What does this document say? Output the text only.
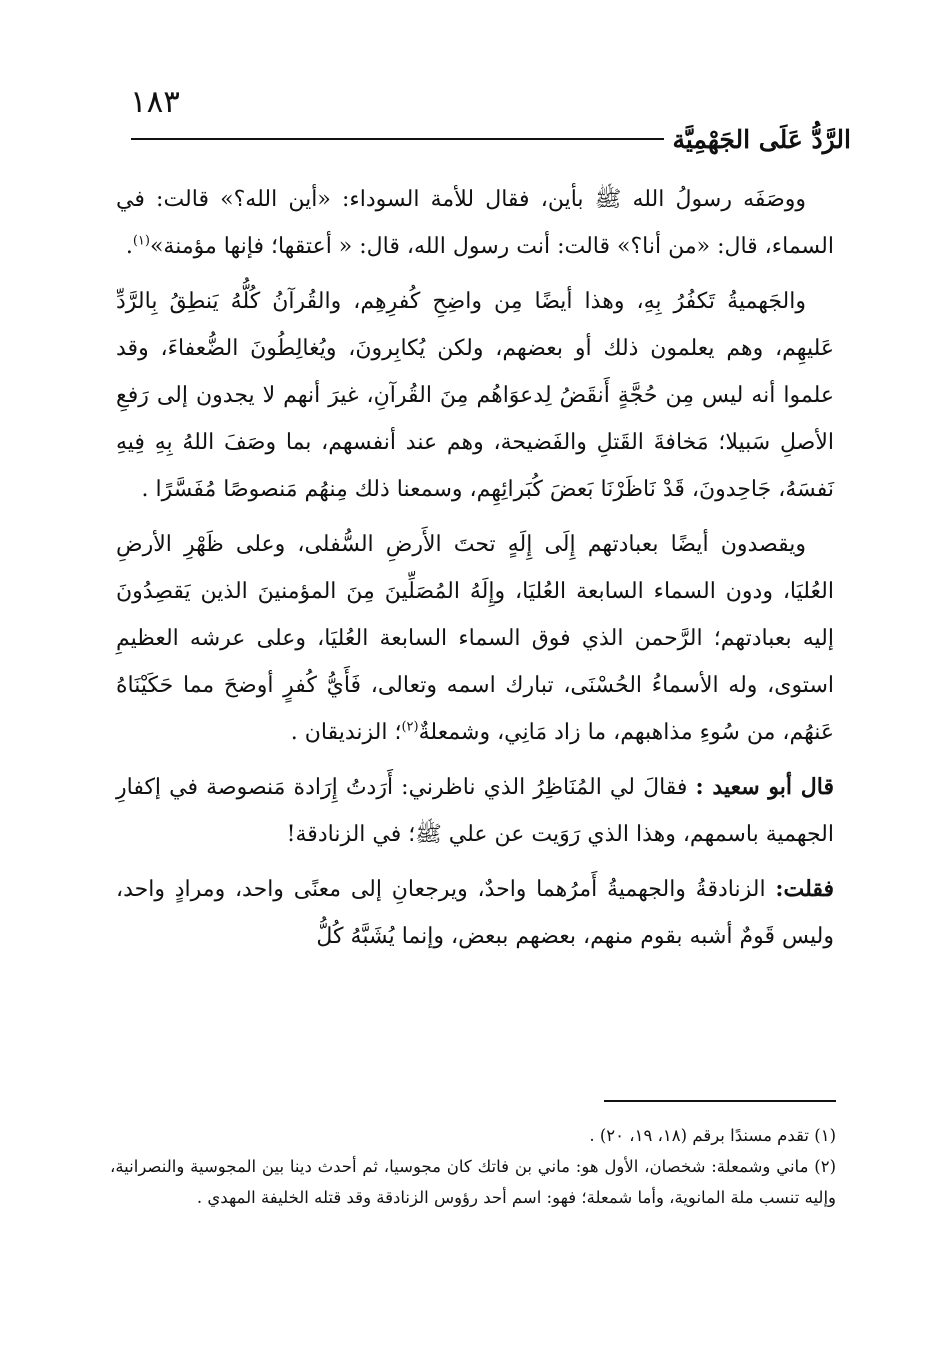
١٨٣
الرَّدُّ عَلَى الجَهْمِيَّة

ووصَفَه رسولُ الله ﷺ بأين، فقال للأمة السوداء: «أين الله؟» قالت: في السماء، قال: «من أنا؟» قالت: أنت رسول الله، قال: « أعتقها؛ فإنها مؤمنة»$^{(١)}$.

والجَهميةُ تَكفُرُ بِهِ، وهذا أيضًا مِن واضِحِ كُفرِهِم، والقُرآنُ كُلُّهُ يَنطِقُ بِالرَّدِّ عَليهِم، وهم يعلمون ذلك أو بعضهم، ولكن يُكابِرونَ، ويُغالِطُونَ الضُّعفاءَ، وقد علموا أنه ليس مِن حُجَّةٍ أَنقَضُ لِدعوَاهُم مِنَ القُرآنِ، غيرَ أنهم لا يجدون إلى رَفعِ الأصلِ سَبيلا؛ مَخافةَ القَتلِ والفَضيحة، وهم عند أنفسهم، بما وصَفَ اللهُ بِهِ فِيهِ نَفسَهُ، جَاحِدونَ، قَدْ نَاظَرْنَا بَعضَ كُبَرائِهِم، وسمعنا ذلك مِنهُم مَنصوصًا مُفَسَّرًا .

ويقصدون أيضًا بعبادتهم إِلَى إِلَهٍ تحتَ الأَرضِ السُّفلى، وعلى ظَهْرِ الأرضِ العُليَا، ودون السماء السابعة العُليَا، وإِلَهُ المُصَلِّينَ مِنَ المؤمنينَ الذين يَقصِدُونَ إليه بعبادتهم؛ الرَّحمن الذي فوق السماء السابعة العُليَا، وعلى عرشه العظيمِ استوى، وله الأسماءُ الحُسْنَى، تبارك اسمه وتعالى، فَأَيُّ كُفرٍ أوضحَ مما حَكَيْنَاهُ عَنهُم، من سُوءِ مذاهبهم، ما زاد مَانِي، وشمعلةٌ$^{(٢)}$؛ الزنديقان .

قال أبو سعيد : فقالَ لي المُنَاظِرُ الذي ناظرني: أَرَدتُ إِرَادة مَنصوصة في إكفارِ الجهمية باسمهم، وهذا الذي رَوَيت عن علي ﷺ؛ في الزنادقة!

فقلت: الزنادقةُ والجهميةُ أَمرُهما واحدٌ، ويرجعانِ إلى معنًى واحد، ومرادٍ واحد، وليس قَومٌ أشبه بقوم منهم، بعضهم ببعض، وإنما يُشَبَّهُ كُلُّ

(١) تقدم مسندًا برقم (١٨، ١٩، ٢٠) .

(٢) ماني وشمعلة: شخصان، الأول هو: ماني بن فاتك كان مجوسيا، ثم أحدث دينا بين المجوسية والنصرانية، وإليه تنسب ملة المانوية، وأما شمعلة؛ فهو: اسم أحد رؤوس الزنادقة وقد قتله الخليفة المهدي .
